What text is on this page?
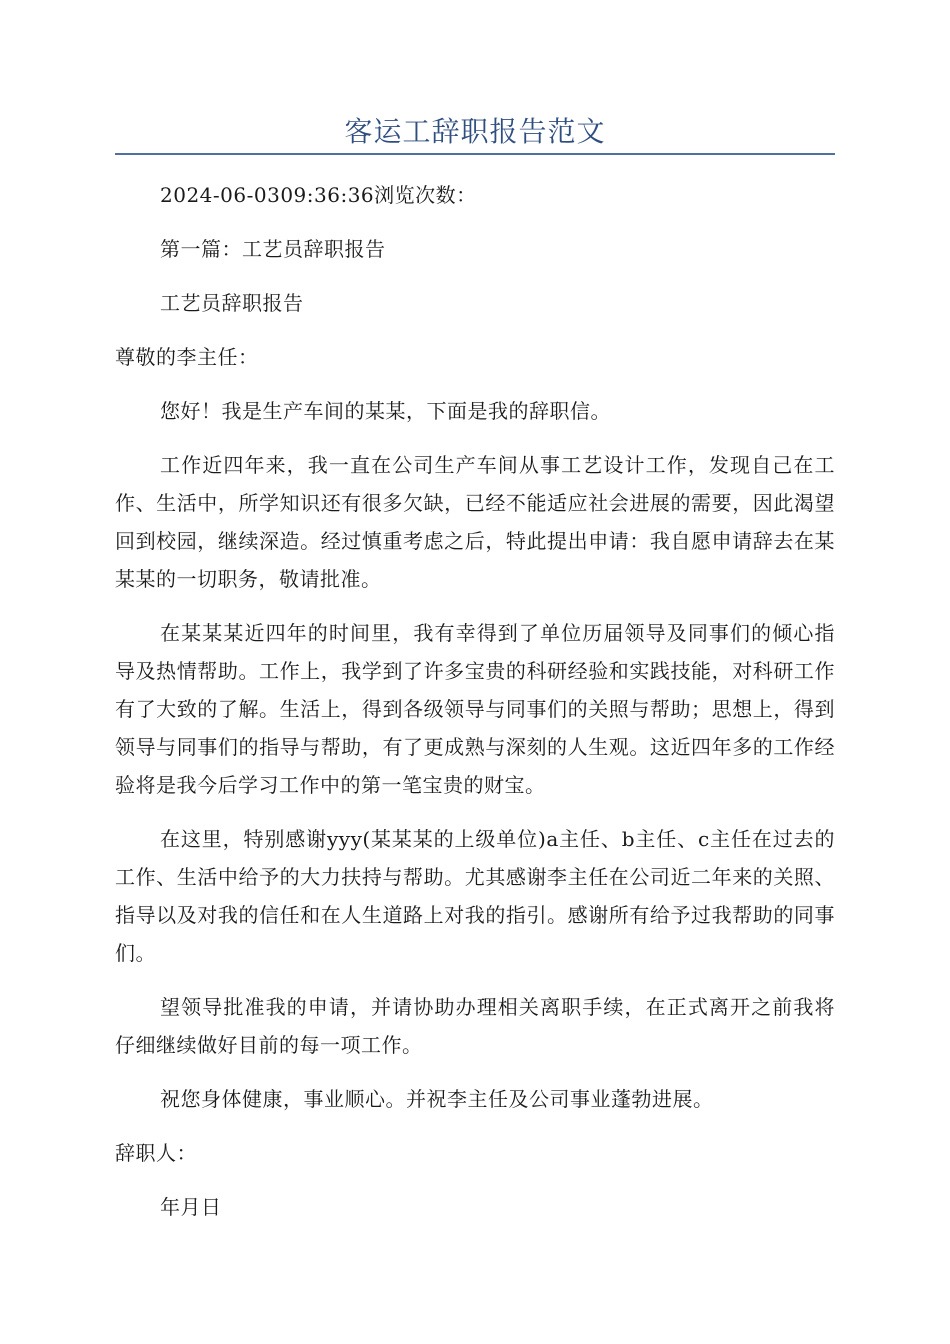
客运工辞职报告范文

2024-06-0309:36:36浏览次数：

第一篇：工艺员辞职报告

工艺员辞职报告

尊敬的李主任：

您好！我是生产车间的某某，下面是我的辞职信。

工作近四年来，我一直在公司生产车间从事工艺设计工作，发现自己在工作、生活中，所学知识还有很多欠缺，已经不能适应社会进展的需要，因此渴望回到校园，继续深造。经过慎重考虑之后，特此提出申请：我自愿申请辞去在某某某的一切职务，敬请批准。

在某某某近四年的时间里，我有幸得到了单位历届领导及同事们的倾心指导及热情帮助。工作上，我学到了许多宝贵的科研经验和实践技能，对科研工作有了大致的了解。生活上，得到各级领导与同事们的关照与帮助；思想上，得到领导与同事们的指导与帮助，有了更成熟与深刻的人生观。这近四年多的工作经验将是我今后学习工作中的第一笔宝贵的财宝。

在这里，特别感谢yyy(某某某的上级单位)a主任、b主任、c主任在过去的工作、生活中给予的大力扶持与帮助。尤其感谢李主任在公司近二年来的关照、指导以及对我的信任和在人生道路上对我的指引。感谢所有给予过我帮助的同事们。

望领导批准我的申请，并请协助办理相关离职手续，在正式离开之前我将仔细继续做好目前的每一项工作。

祝您身体健康，事业顺心。并祝李主任及公司事业蓬勃进展。

辞职人：

年月日
